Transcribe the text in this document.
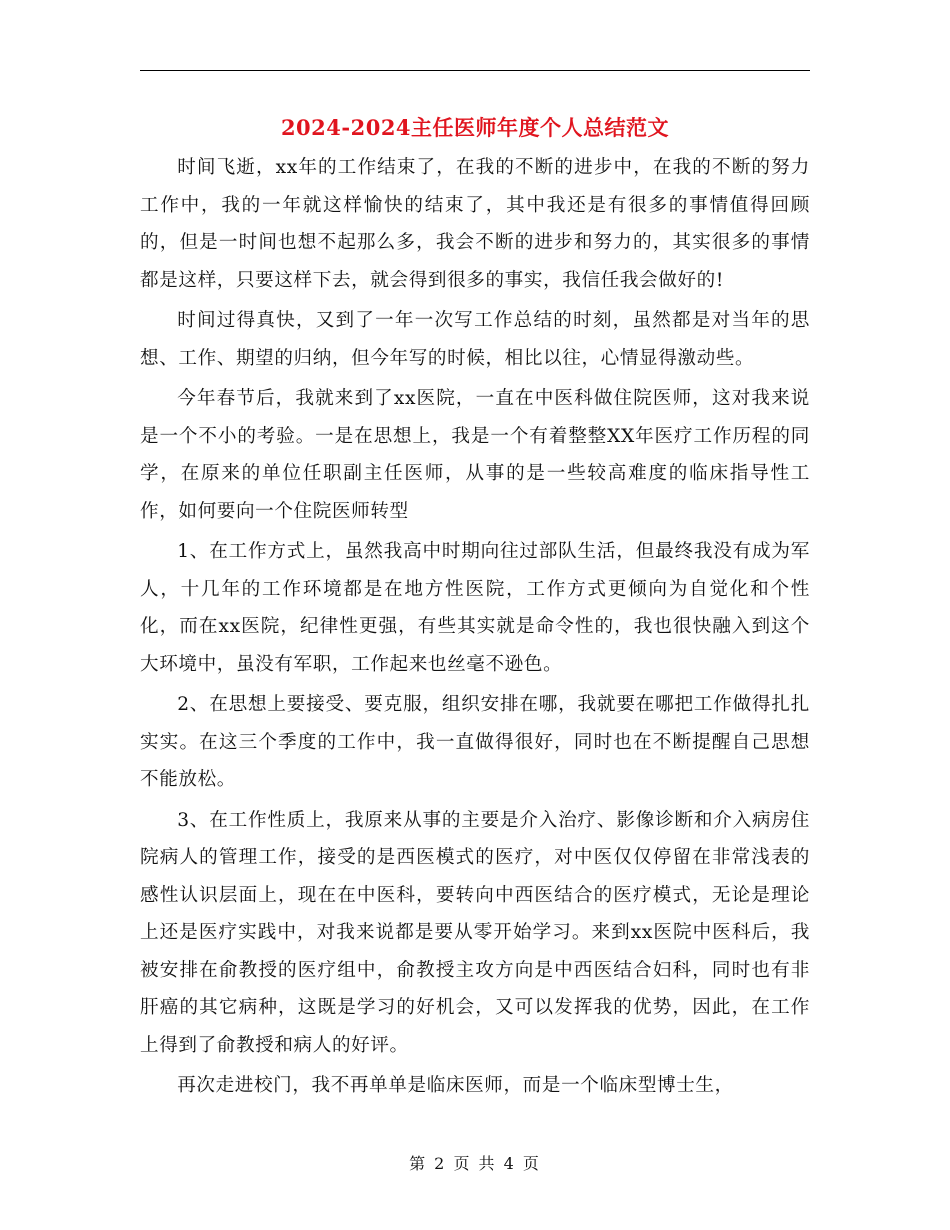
2024-2024主任医师年度个人总结范文

时间飞逝，xx年的工作结束了，在我的不断的进步中，在我的不断的努力工作中，我的一年就这样愉快的结束了，其中我还是有很多的事情值得回顾的，但是一时间也想不起那么多，我会不断的进步和努力的，其实很多的事情都是这样，只要这样下去，就会得到很多的事实，我信任我会做好的!

时间过得真快，又到了一年一次写工作总结的时刻，虽然都是对当年的思想、工作、期望的归纳，但今年写的时候，相比以往，心情显得激动些。

今年春节后，我就来到了xx医院，一直在中医科做住院医师，这对我来说是一个不小的考验。一是在思想上，我是一个有着整整XX年医疗工作历程的同学，在原来的单位任职副主任医师，从事的是一些较高难度的临床指导性工作，如何要向一个住院医师转型

1、在工作方式上，虽然我高中时期向往过部队生活，但最终我没有成为军人，十几年的工作环境都是在地方性医院，工作方式更倾向为自觉化和个性化，而在xx医院，纪律性更强，有些其实就是命令性的，我也很快融入到这个大环境中，虽没有军职，工作起来也丝毫不逊色。

2、在思想上要接受、要克服，组织安排在哪，我就要在哪把工作做得扎扎实实。在这三个季度的工作中，我一直做得很好，同时也在不断提醒自己思想不能放松。

3、在工作性质上，我原来从事的主要是介入治疗、影像诊断和介入病房住院病人的管理工作，接受的是西医模式的医疗，对中医仅仅停留在非常浅表的感性认识层面上，现在在中医科，要转向中西医结合的医疗模式，无论是理论上还是医疗实践中，对我来说都是要从零开始学习。来到xx医院中医科后，我被安排在俞教授的医疗组中，俞教授主攻方向是中西医结合妇科，同时也有非肝癌的其它病种，这既是学习的好机会，又可以发挥我的优势，因此，在工作上得到了俞教授和病人的好评。

再次走进校门，我不再单单是临床医师，而是一个临床型博士生，

第 2 页 共 4 页
